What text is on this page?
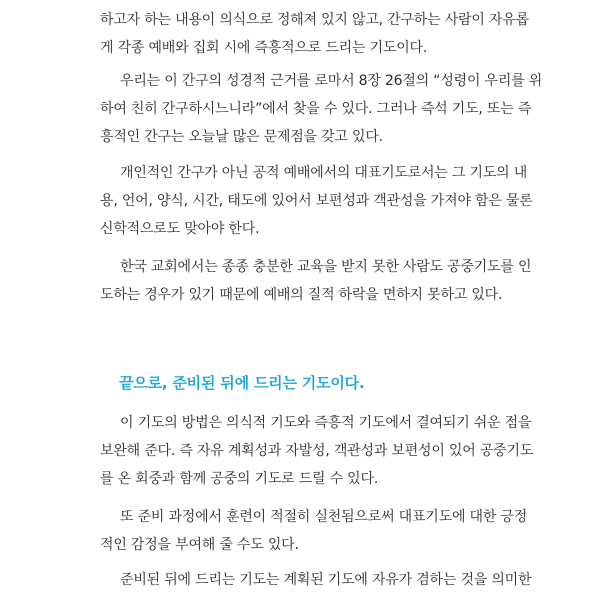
하고자 하는 내용이 의식으로 정해져 있지 않고, 간구하는 사람이 자유롭
게 각종 예배와 집회 시에 즉흥적으로 드리는 기도이다.

우리는 이 간구의 성경적 근거를 로마서 8장 26절의 “성령이 우리를 위
하여 친히 간구하시느니라”에서 찾을 수 있다. 그러나 즉석 기도, 또는 즉
흥적인 간구는 오늘날 많은 문제점을 갖고 있다.

개인적인 간구가 아닌 공적 예배에서의 대표기도로서는 그 기도의 내
용, 언어, 양식, 시간, 태도에 있어서 보편성과 객관성을 가져야 함은 물론
신학적으로도 맞아야 한다.

한국 교회에서는 종종 충분한 교육을 받지 못한 사람도 공중기도를 인
도하는 경우가 있기 때문에 예배의 질적 하락을 면하지 못하고 있다.

끝으로, 준비된 뒤에 드리는 기도이다.

이 기도의 방법은 의식적 기도와 즉흥적 기도에서 결여되기 쉬운 점을
보완해 준다. 즉 자유 계획성과 자발성, 객관성과 보편성이 있어 공중기도
를 온 회중과 함께 공중의 기도로 드릴 수 있다.

또 준비 과정에서 훈련이 적절히 실천됨으로써 대표기도에 대한 긍정
적인 감정을 부여해 줄 수도 있다.

준비된 뒤에 드리는 기도는 계획된 기도에 자유가 겸하는 것을 의미한
